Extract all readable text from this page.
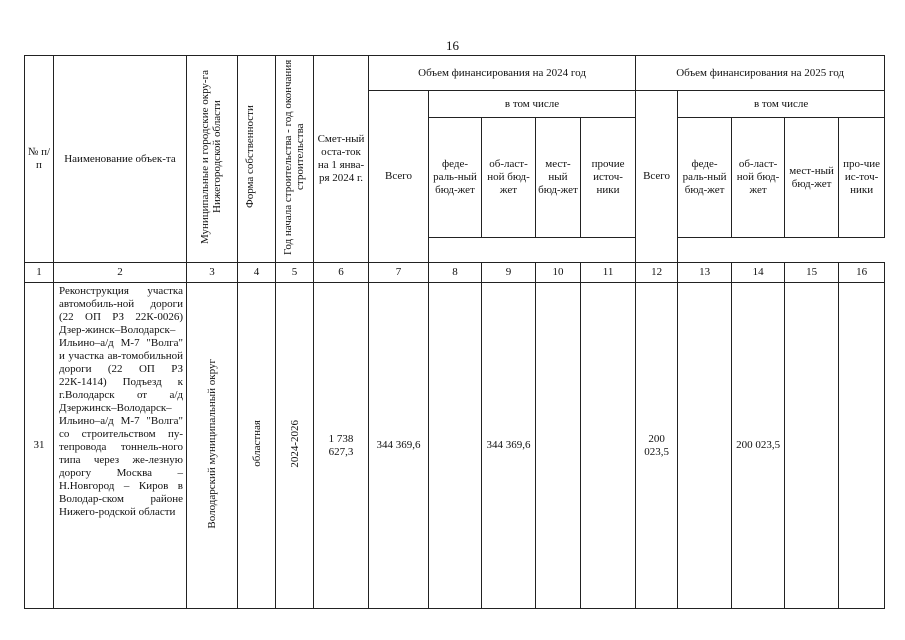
16
№ п/п	Наименование объек-та	Муниципальные и городские окру-га Нижегородской области	Форма собственности	Год начала строительства - год окончания строительства	Смет-ный оста-ток на 1 янва-ря 2024 г.	Объем финансирования на 2024 год					Объем финансирования на 2025 год				
						Всего	в том числе				Всего	в том числе			
							феде-раль-ный бюд-жет	об-ласт-ной бюд-жет	мест-ный бюд-жет	прочие источ-ники		феде-раль-ный бюд-жет	об-ласт-ной бюд-жет	мест-ный бюд-жет	про-чие ис-точ-ники

1	2	3	4	5	6	7	8	9	10	11	12	13	14	15	16
31	Реконструкция участка автомобиль-ной дороги (22 ОП РЗ 22К-0026) Дзер-жинск–Володарск–Ильино–а/д М-7 "Волга" и участка ав-томобильной дороги (22 ОП РЗ 22К-1414) Подъезд к г.Володарск от а/д Дзержинск–Володарск–Ильино–а/д М-7 "Волга" со строительством пу-тепровода тоннель-ного типа через же-лезную дорогу Москва – Н.Новгород – Киров в Володар-ском районе Нижего-родской области	Володарский муниципальный округ	областная	2024-2026	1 738 627,3	344 369,6		344 369,6			200 023,5		200 023,5		
